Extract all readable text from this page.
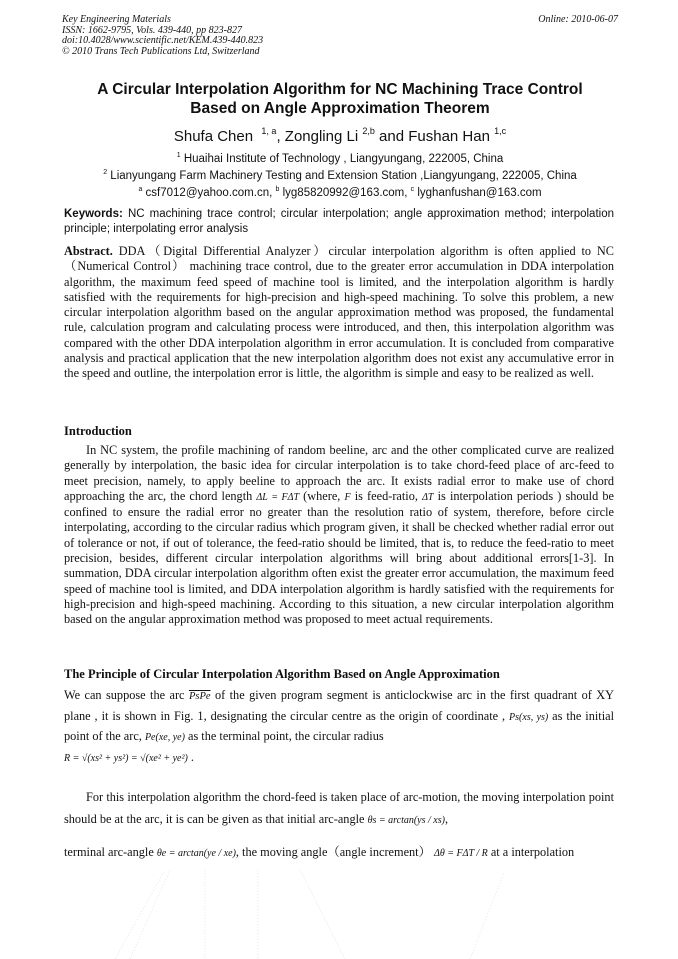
Key Engineering Materials
ISSN: 1662-9795, Vols. 439-440, pp 823-827
doi:10.4028/www.scientific.net/KEM.439-440.823
© 2010 Trans Tech Publications Ltd, Switzerland
Online: 2010-06-07
A Circular Interpolation Algorithm for NC Machining Trace Control
Based on Angle Approximation Theorem
Shufa Chen $^{1, a}$, Zongling Li $^{2,b}$ and Fushan Han $^{1,c}$
$^1$ Huaihai Institute of Technology , Liangyungang, 222005, China
$^2$ Lianyungang Farm Machinery Testing and Extension Station ,Liangyungang, 222005, China
$^a$ csf7012@yahoo.com.cn, $^b$ lyg85820992@163.com, $^c$ lyghanfushan@163.com
Keywords: NC machining trace control; circular interpolation; angle approximation method; interpolation principle; interpolating error analysis
Abstract. DDA（Digital Differential Analyzer）circular interpolation algorithm is often applied to NC （Numerical Control） machining trace control, due to the greater error accumulation in DDA interpolation algorithm, the maximum feed speed of machine tool is limited, and the interpolation algorithm is hardly satisfied with the requirements for high-precision and high-speed machining. To solve this problem, a new circular interpolation algorithm based on the angular approximation method was proposed, the fundamental rule, calculation program and calculating process were introduced, and then, this interpolation algorithm was compared with the other DDA interpolation algorithm in error accumulation. It is concluded from comparative analysis and practical application that the new interpolation algorithm does not exist any accumulative error in the speed and outline, the interpolation error is little, the algorithm is simple and easy to be realized as well.
Introduction
In NC system, the profile machining of random beeline, arc and the other complicated curve are realized generally by interpolation, the basic idea for circular interpolation is to take chord-feed place of arc-feed to meet precision, namely, to apply beeline to approach the arc. It exists radial error to make use of chord approaching the arc, the chord length ΔL = FΔT (where, F is feed-ratio, ΔT is interpolation periods ) should be confined to ensure the radial error no greater than the resolution ratio of system, therefore, before circle interpolating, according to the circular radius which program given, it shall be checked whether radial error out of tolerance or not, if out of tolerance, the feed-ratio should be limited, that is, to reduce the feed-ratio to meet precision, besides, different circular interpolation algorithms will bring about additional errors[1-3]. In summation, DDA circular interpolation algorithm often exist the greater error accumulation, the maximum feed speed of machine tool is limited, and DDA interpolation algorithm is hardly satisfied with the requirements for high-precision and high-speed machining. According to this situation, a new circular interpolation algorithm based on the angular approximation method was proposed to meet actual requirements.
The Principle of Circular Interpolation Algorithm Based on Angle Approximation
We can suppose the arc PsPe of the given program segment is anticlockwise arc in the first quadrant of XY plane , it is shown in Fig. 1, designating the circular centre as the origin of coordinate , Ps(xs, ys) as the initial point of the arc, Pe(xe, ye) as the terminal point, the circular radius
R = √(xs² + ys²) = √(xe² + ye²) .
For this interpolation algorithm the chord-feed is taken place of arc-motion, the moving interpolation point should be at the arc, it is can be given as that initial arc-angle θs = arctan(ys / xs),
terminal arc-angle θe = arctan(ye / xe), the moving angle（angle increment） Δθ = FΔT / R at a interpolation
